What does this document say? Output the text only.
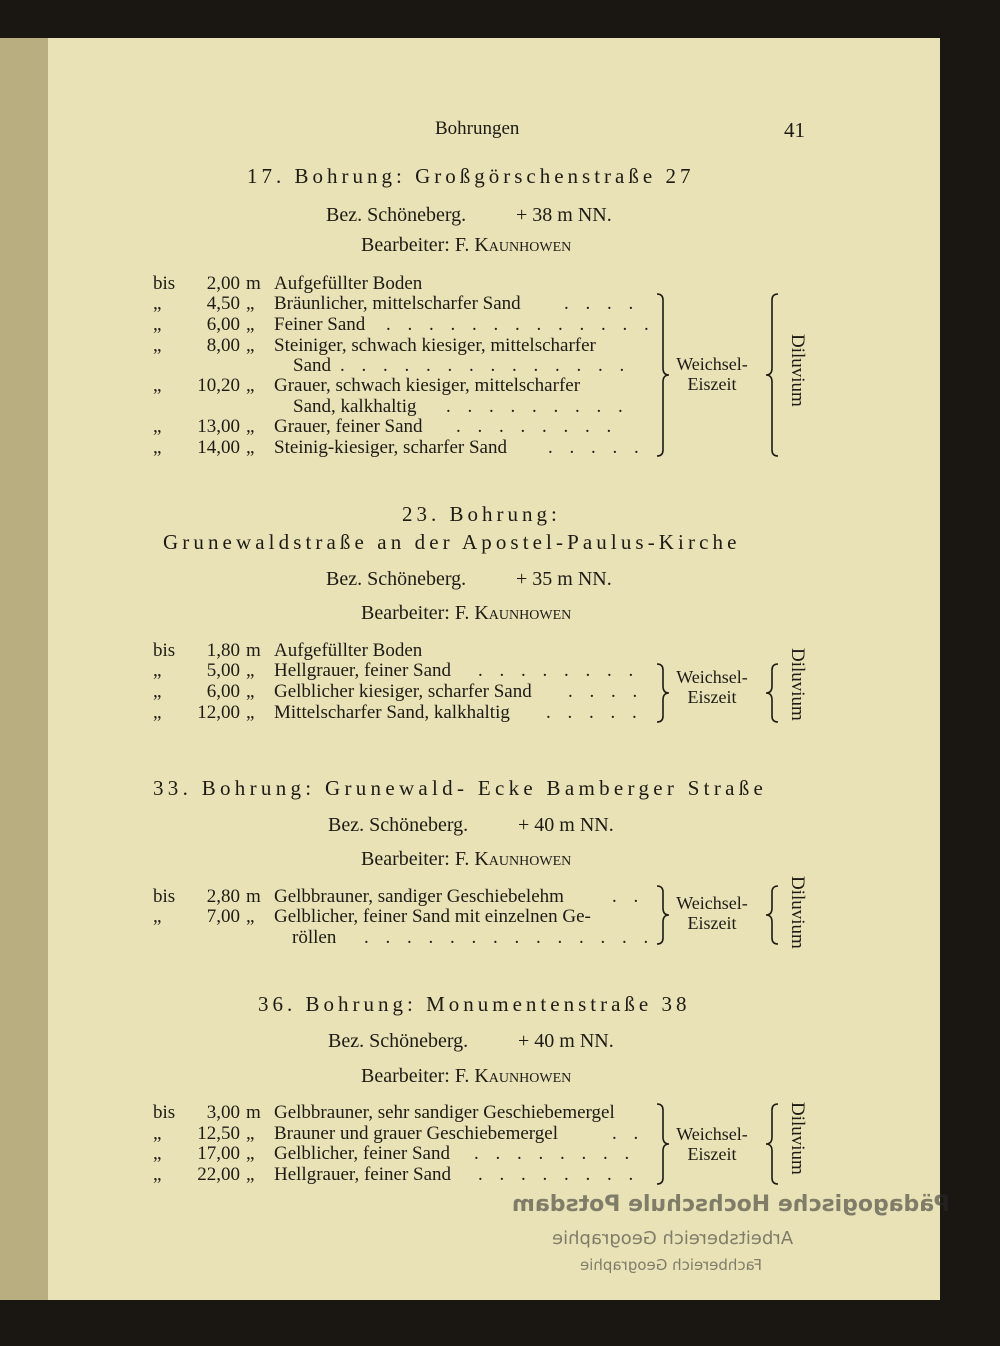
Bohrungen	41
17. Bohrung: Großgörschenstraße 27
Bez. Schöneberg. + 38 m NN.
Bearbeiter: F. Kaunhowen
bis	2,00 m Aufgefüllter Boden
„	4,50 „ Bräunlicher, mittelscharfer Sand . . . .
„	6,00 „ Feiner Sand . . . . . . . . . . . . .
„	8,00 „ Steiniger, schwach kiesiger, mittelscharfer
Sand . . . . . . . . . . . . . .
„ 10,20 „ Grauer, schwach kiesiger, mittelscharfer
Sand, kalkhaltig . . . . . . . . .
„ 13,00 „ Grauer, feiner Sand . . . . . . . .
„ 14,00 „ Steinig-kiesiger, scharfer Sand . . . . .
Weichsel-
Eiszeit	Diluvium
23. Bohrung:
Grunewaldstraße an der Apostel-Paulus-Kirche
Bez. Schöneberg. + 35 m NN.
Bearbeiter: F. Kaunhowen
bis	1,80 m Aufgefüllter Boden
„	5,00 „ Hellgrauer, feiner Sand . . . . . . . .
„	6,00 „ Gelblicher kiesiger, scharfer Sand . . . .
„ 12,00 „ Mittelscharfer Sand, kalkhaltig . . . . .
Weichsel-
Eiszeit	Diluvium
33. Bohrung: Grunewald- Ecke Bamberger Straße
Bez. Schöneberg. + 40 m NN.
Bearbeiter: F. Kaunhowen
bis	2,80 m Gelbbrauner, sandiger Geschiebelehm	. .
„	7,00 „ Gelblicher, feiner Sand mit einzelnen Ge-
röllen . . . . . . . . . . . . . .
Weichsel-
Eiszeit	Diluvium
36. Bohrung: Monumentenstraße 38
Bez. Schöneberg. + 40 m NN.
Bearbeiter: F. Kaunhowen
bis	3,00 m Gelbbrauner, sehr sandiger Geschiebemergel
„ 12,50 „ Brauner und grauer Geschiebemergel	. .
„ 17,00 „ Gelblicher, feiner Sand . . . . . . . .
„ 22,00 „ Hellgrauer, feiner Sand . . . . . . . .
Weichsel-
Eiszeit	Diluvium
Pädagogische Hochschule Potsdam
Arbeitsbereich Geographie
Fachbereich Geographie
